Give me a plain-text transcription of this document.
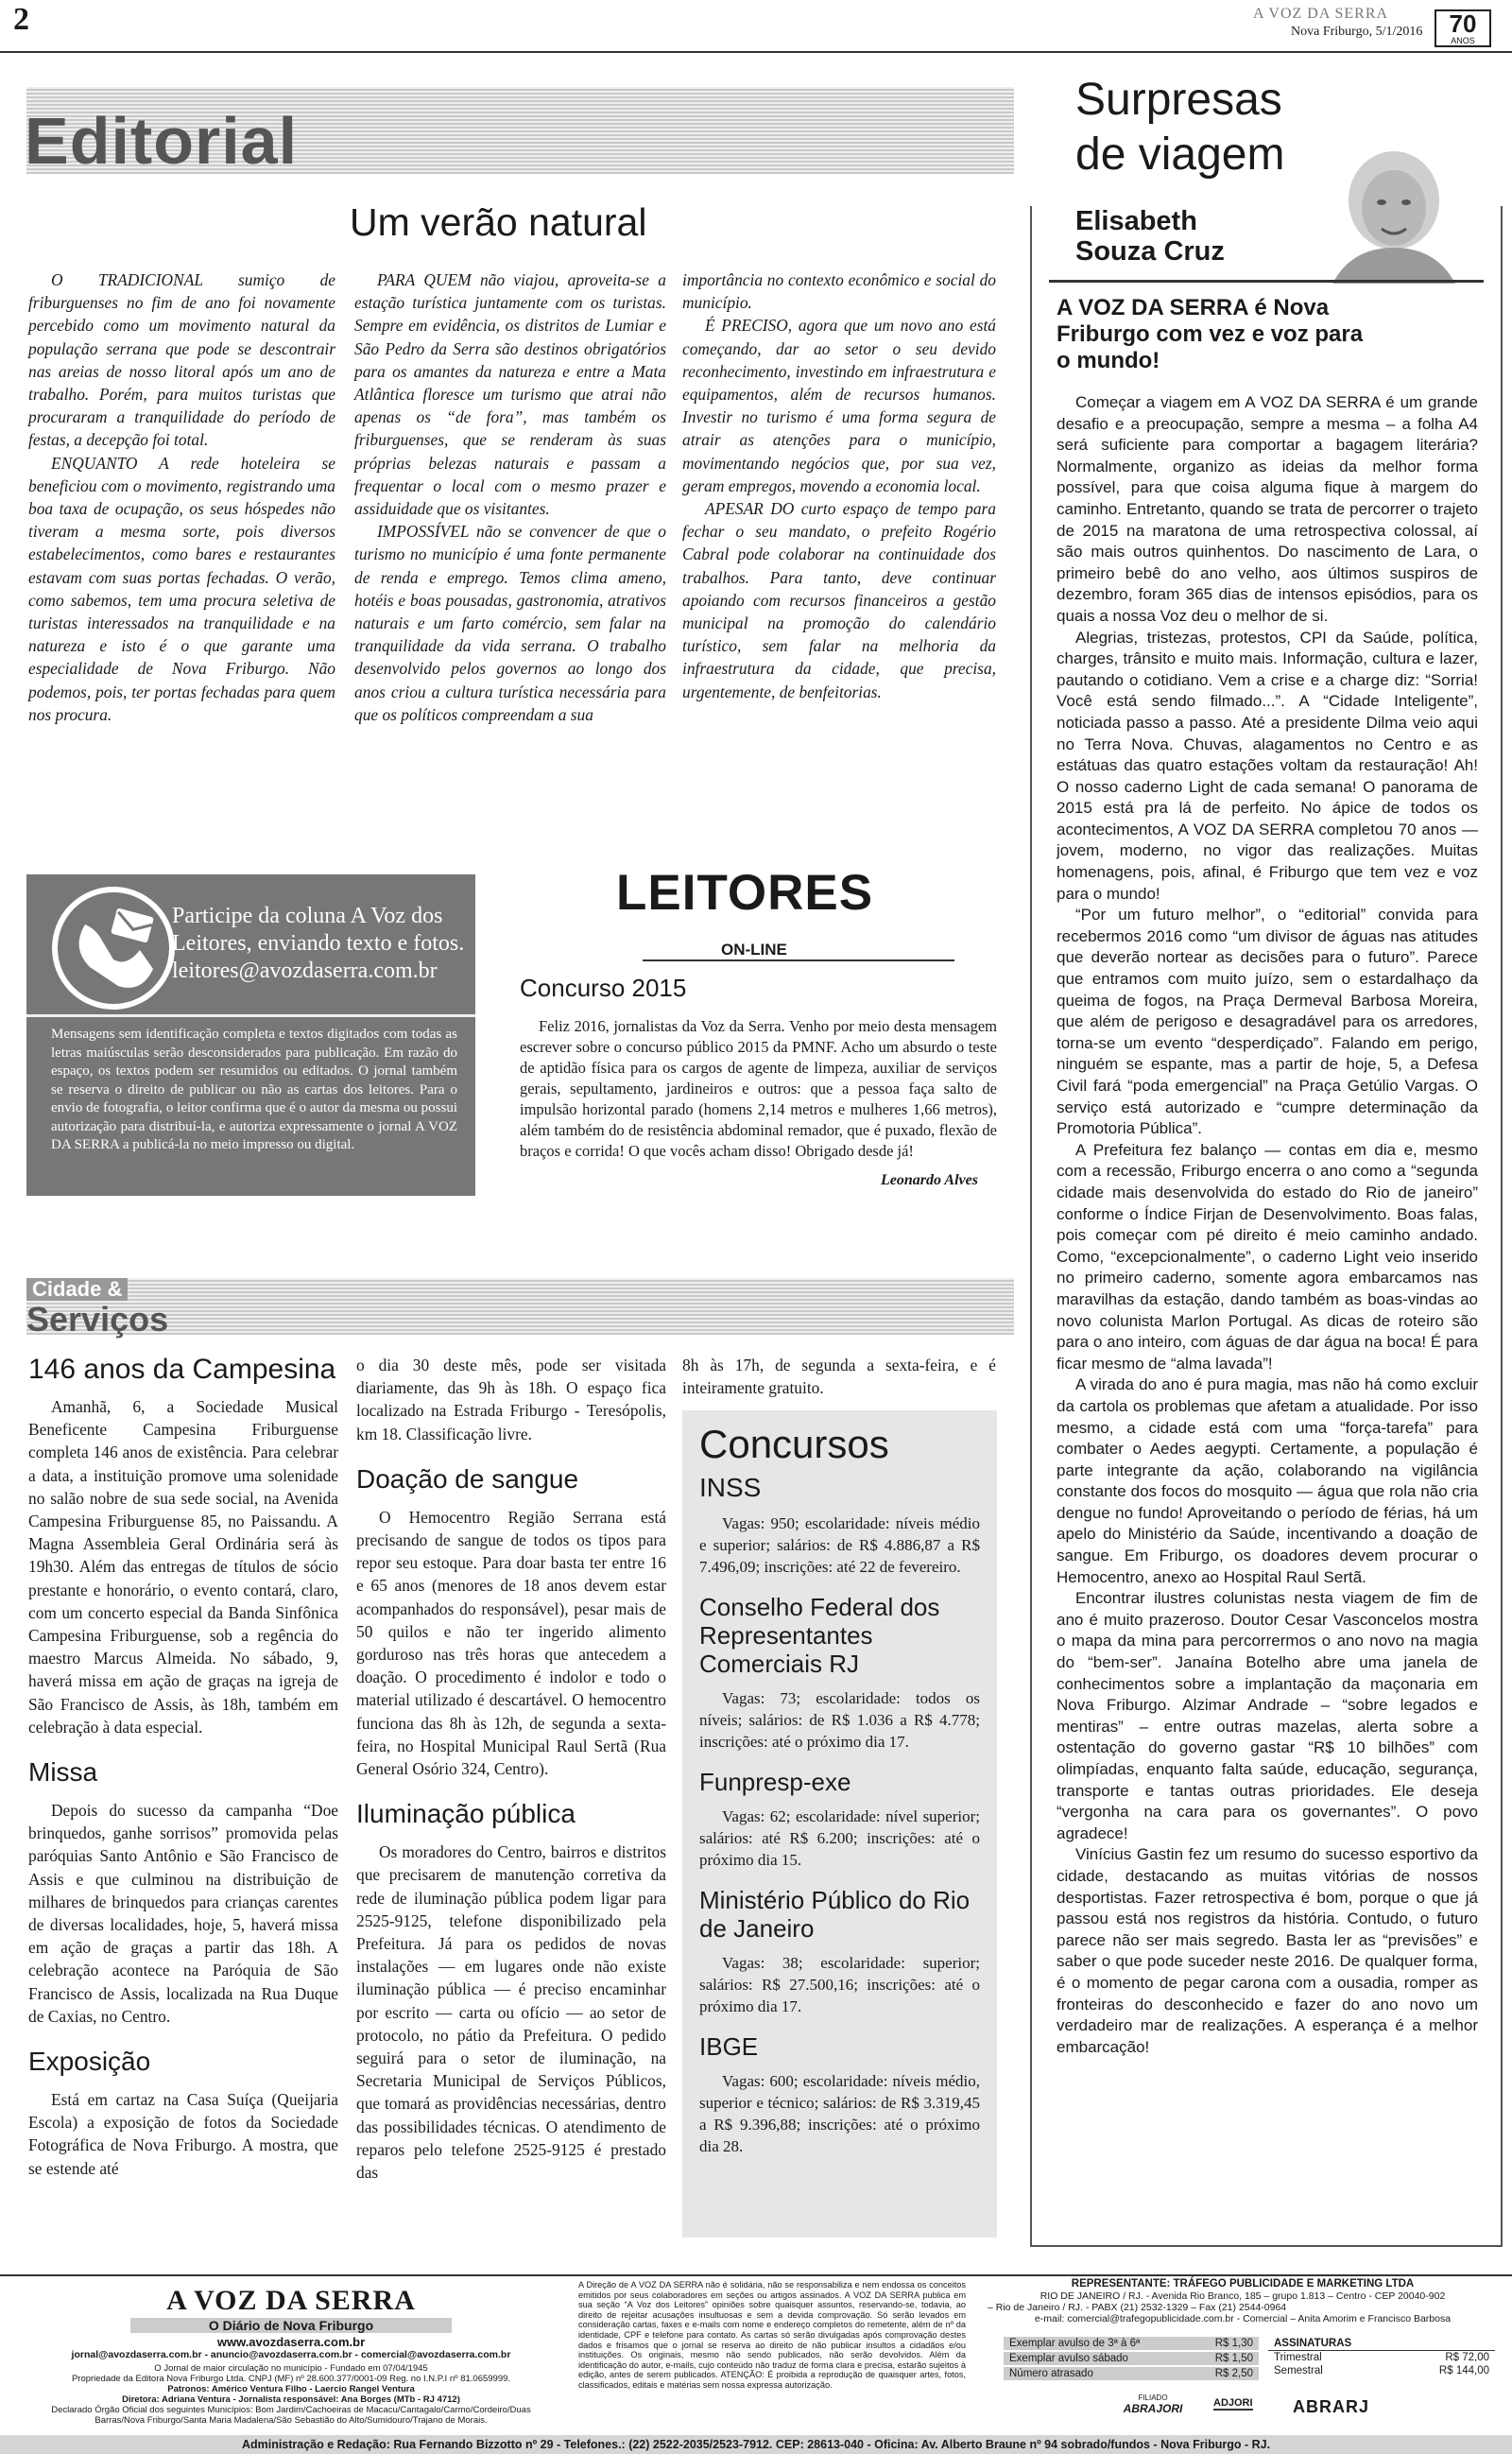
2	A VOZ DA SERRA
Nova Friburgo, 5/1/2016	70
ANOS
Editorial
Um verão natural

O TRADICIONAL sumiço de friburguenses no fim de ano foi novamente percebido como um movimento natural da população serrana que pode se descontrair nas areias de nosso litoral após um ano de trabalho. Porém, para muitos turistas que procuraram a tranquilidade do período de festas, a decepção foi total.

ENQUANTO A rede hoteleira se beneficiou com o movimento, registrando uma boa taxa de ocupação, os seus hóspedes não tiveram a mesma sorte, pois diversos estabelecimentos, como bares e restaurantes estavam com suas portas fechadas. O verão, como sabemos, tem uma procura seletiva de turistas interessados na tranquilidade e na natureza e isto é o que garante uma especialidade de Nova Friburgo. Não podemos, pois, ter portas fechadas para quem nos procura.

PARA QUEM não viajou, aproveita-se a estação turística juntamente com os turistas. Sempre em evidência, os distritos de Lumiar e São Pedro da Serra são destinos obrigatórios para os amantes da natureza e entre a Mata Atlântica floresce um turismo que atrai não apenas os “de fora”, mas também os friburguenses, que se renderam às suas próprias belezas naturais e passam a frequentar o local com o mesmo prazer e assiduidade que os visitantes.

IMPOSSÍVEL não se convencer de que o turismo no município é uma fonte permanente de renda e emprego. Temos clima ameno, hotéis e boas pousadas, gastronomia, atrativos naturais e um farto comércio, sem falar na tranquilidade da vida serrana. O trabalho desenvolvido pelos governos ao longo dos anos criou a cultura turística necessária para que os políticos compreendam a sua

importância no contexto econômico e social do município.

É PRECISO, agora que um novo ano está começando, dar ao setor o seu devido reconhecimento, investindo em infraestrutura e equipamentos, além de recursos humanos. Investir no turismo é uma forma segura de atrair as atenções para o município, movimentando negócios que, por sua vez, geram empregos, movendo a economia local.

APESAR DO curto espaço de tempo para fechar o seu mandato, o prefeito Rogério Cabral pode colaborar na continuidade dos trabalhos. Para tanto, deve continuar apoiando com recursos financeiros a gestão municipal na promoção do calendário turístico, sem falar na melhoria da infraestrutura da cidade, que precisa, urgentemente, de benfeitorias.

Participe da coluna A Voz dos Leitores, enviando texto e fotos. leitores@avozdaserra.com.br
Mensagens sem identificação completa e textos digitados com todas as letras maiúsculas serão desconsiderados para publicação. Em razão do espaço, os textos podem ser resumidos ou editados. O jornal também se reserva o direito de publicar ou não as cartas dos leitores. Para o envio de fotografia, o leitor confirma que é o autor da mesma ou possui autorização para distribuí-la, e autoriza expressamente o jornal A VOZ DA SERRA a publicá-la no meio impresso ou digital.
LEITORES
ON-LINE
Concurso 2015
Feliz 2016, jornalistas da Voz da Serra. Venho por meio desta mensagem escrever sobre o concurso público 2015 da PMNF. Acho um absurdo o teste de aptidão física para os cargos de agente de limpeza, auxiliar de serviços gerais, sepultamento, jardineiros e outros: que a pessoa faça salto de impulsão horizontal parado (homens 2,14 metros e mulheres 1,66 metros), além também do de resistência abdominal remador, que é puxado, flexão de braços e corrida! O que vocês acham disso! Obrigado desde já!
Leonardo Alves
Cidade &
Serviços
146 anos da Campesina

Amanhã, 6, a Sociedade Musical Beneficente Campesina Friburguense completa 146 anos de existência. Para celebrar a data, a instituição promove uma solenidade no salão nobre de sua sede social, na Avenida Campesina Friburguense 85, no Paissandu. A Magna Assembleia Geral Ordinária será às 19h30. Além das entregas de títulos de sócio prestante e honorário, o evento contará, claro, com um concerto especial da Banda Sinfônica Campesina Friburguense, sob a regência do maestro Marcus Almeida. No sábado, 9, haverá missa em ação de graças na igreja de São Francisco de Assis, às 18h, também em celebração à data especial.

Missa

Depois do sucesso da campanha “Doe brinquedos, ganhe sorrisos” promovida pelas paróquias Santo Antônio e São Francisco de Assis e que culminou na distribuição de milhares de brinquedos para crianças carentes de diversas localidades, hoje, 5, haverá missa em ação de graças a partir das 18h. A celebração acontece na Paróquia de São Francisco de Assis, localizada na Rua Duque de Caxias, no Centro.

Exposição

Está em cartaz na Casa Suíça (Queijaria Escola) a exposição de fotos da Sociedade Fotográfica de Nova Friburgo. A mostra, que se estende até

o dia 30 deste mês, pode ser visitada diariamente, das 9h às 18h. O espaço fica localizado na Estrada Friburgo - Teresópolis, km 18. Classificação livre.

Doação de sangue

O Hemocentro Região Serrana está precisando de sangue de todos os tipos para repor seu estoque. Para doar basta ter entre 16 e 65 anos (menores de 18 anos devem estar acompanhados do responsável), pesar mais de 50 quilos e não ter ingerido alimento gorduroso nas três horas que antecedem a doação. O procedimento é indolor e todo o material utilizado é descartável. O hemocentro funciona das 8h às 12h, de segunda a sexta-feira, no Hospital Municipal Raul Sertã (Rua General Osório 324, Centro).

Iluminação pública

Os moradores do Centro, bairros e distritos que precisarem de manutenção corretiva da rede de iluminação pública podem ligar para 2525-9125, telefone disponibilizado pela Prefeitura. Já para os pedidos de novas instalações — em lugares onde não existe iluminação pública — é preciso encaminhar por escrito — carta ou ofício — ao setor de protocolo, no pátio da Prefeitura. O pedido seguirá para o setor de iluminação, na Secretaria Municipal de Serviços Públicos, que tomará as providências necessárias, dentro das possibilidades técnicas. O atendimento de reparos pelo telefone 2525-9125 é prestado das

8h às 17h, de segunda a sexta-feira, e é inteiramente gratuito.

Concursos
INSS
Vagas: 950; escolaridade: níveis médio e superior; salários: de R$ 4.886,87 a R$ 7.496,09; inscrições: até 22 de fevereiro.
Conselho Federal dos Representantes Comerciais RJ
Vagas: 73; escolaridade: todos os níveis; salários: de R$ 1.036 a R$ 4.778; inscrições: até o próximo dia 17.
Funpresp-exe
Vagas: 62; escolaridade: nível superior; salários: até R$ 6.200; inscrições: até o próximo dia 15.
Ministério Público do Rio de Janeiro
Vagas: 38; escolaridade: superior; salários: R$ 27.500,16; inscrições: até o próximo dia 17.
IBGE
Vagas: 600; escolaridade: níveis médio, superior e técnico; salários: de R$ 3.319,45 a R$ 9.396,88; inscrições: até o próximo dia 28.
Surpresas
de viagem
Elisabeth
Souza Cruz
A VOZ DA SERRA é Nova Friburgo com vez e voz para o mundo!

Começar a viagem em A VOZ DA SERRA é um grande desafio e a preocupação, sempre a mesma – a folha A4 será suficiente para comportar a bagagem literária? Normalmente, organizo as ideias da melhor forma possível, para que coisa alguma fique à margem do caminho. Entretanto, quando se trata de percorrer o trajeto de 2015 na maratona de uma retrospectiva colossal, aí são mais outros quinhentos. Do nascimento de Lara, o primeiro bebê do ano velho, aos últimos suspiros de dezembro, foram 365 dias de intensos episódios, para os quais a nossa Voz deu o melhor de si.

Alegrias, tristezas, protestos, CPI da Saúde, política, charges, trânsito e muito mais. Informação, cultura e lazer, pautando o cotidiano. Vem a crise e a charge diz: “Sorria! Você está sendo filmado...”. A “Cidade Inteligente”, noticiada passo a passo. Até a presidente Dilma veio aqui no Terra Nova. Chuvas, alagamentos no Centro e as estátuas das quatro estações voltam da restauração! Ah! O nosso caderno Light de cada semana! O panorama de 2015 está pra lá de perfeito. No ápice de todos os acontecimentos, A VOZ DA SERRA completou 70 anos — jovem, moderno, no vigor das realizações. Muitas homenagens, pois, afinal, é Friburgo que tem vez e voz para o mundo!

“Por um futuro melhor”, o “editorial” convida para recebermos 2016 como “um divisor de águas nas atitudes que deverão nortear as decisões para o futuro”. Parece que entramos com muito juízo, sem o estardalhaço da queima de fogos, na Praça Dermeval Barbosa Moreira, que além de perigoso e desagradável para os arredores, torna-se um evento “desperdiçado”. Falando em perigo, ninguém se espante, mas a partir de hoje, 5, a Defesa Civil fará “poda emergencial” na Praça Getúlio Vargas. O serviço está autorizado e “cumpre determinação da Promotoria Pública”.

A Prefeitura fez balanço — contas em dia e, mesmo com a recessão, Friburgo encerra o ano como a “segunda cidade mais desenvolvida do estado do Rio de janeiro” conforme o Índice Firjan de Desenvolvimento. Boas falas, pois começar com pé direito é meio caminho andado. Como, “excepcionalmente”, o caderno Light veio inserido no primeiro caderno, somente agora embarcamos nas maravilhas da estação, dando também as boas-vindas ao novo colunista Marlon Portugal. As dicas de roteiro são para o ano inteiro, com águas de dar água na boca! É para ficar mesmo de “alma lavada”!

A virada do ano é pura magia, mas não há como excluir da cartola os problemas que afetam a atualidade. Por isso mesmo, a cidade está com uma “força-tarefa” para combater o Aedes aegypti. Certamente, a população é parte integrante da ação, colaborando na vigilância constante dos focos do mosquito — água que rola não cria dengue no fundo! Aproveitando o período de férias, há um apelo do Ministério da Saúde, incentivando a doação de sangue. Em Friburgo, os doadores devem procurar o Hemocentro, anexo ao Hospital Raul Sertã.

Encontrar ilustres colunistas nesta viagem de fim de ano é muito prazeroso. Doutor Cesar Vasconcelos mostra o mapa da mina para percorrermos o ano novo na magia do “bem-ser”. Janaína Botelho abre uma janela de conhecimentos sobre a implantação da maçonaria em Nova Friburgo. Alzimar Andrade – “sobre legados e mentiras” – entre outras mazelas, alerta sobre a ostentação do governo gastar “R$ 10 bilhões” com olimpíadas, enquanto falta saúde, educação, segurança, transporte e tantas outras prioridades. Ele deseja “vergonha na cara para os governantes”. O povo agradece!

Vinícius Gastin fez um resumo do sucesso esportivo da cidade, destacando as muitas vitórias de nossos desportistas. Fazer retrospectiva é bom, porque o que já passou está nos registros da história. Contudo, o futuro parece não ser mais segredo. Basta ler as “previsões” e saber o que pode suceder neste 2016. De qualquer forma, é o momento de pegar carona com a ousadia, romper as fronteiras do desconhecido e fazer do ano novo um verdadeiro mar de realizações. A esperança é a melhor embarcação!

A VOZ DA SERRA
O Diário de Nova Friburgo
www.avozdaserra.com.br
jornal@avozdaserra.com.br - anuncio@avozdaserra.com.br - comercial@avozdaserra.com.br
O Jornal de maior circulação no município - Fundado em 07/04/1945
Propriedade da Editora Nova Friburgo Ltda. CNPJ (MF) nº 28.600.377/0001-09 Reg. no I.N.P.I nº 81.0659999.
Patronos: Américo Ventura Filho - Laercio Rangel Ventura
Diretora: Adriana Ventura - Jornalista responsável: Ana Borges (MTb - RJ 4712)
Declarado Órgão Oficial dos seguintes Municípios: Bom Jardim/Cachoeiras de Macacu/Cantagalo/Carmo/Cordeiro/Duas Barras/Nova Friburgo/Santa Maria Madalena/São Sebastião do Alto/Sumidouro/Trajano de Morais.
A Direção de A VOZ DA SERRA não é solidária, não se responsabiliza e nem endossa os conceitos emitidos por seus colaboradores em seções ou artigos assinados. A VOZ DA SERRA publica em sua seção “A Voz dos Leitores” opiniões sobre quaisquer assuntos, reservando-se, todavia, ao direito de rejeitar acusações insultuosas e sem a devida comprovação. Só serão levados em consideração cartas, faxes e e-mails com nome e endereço completos do remetente, além de nº da identidade, CPF e telefone para contato. As cartas só serão divulgadas após comprovação destes dados e frisamos que o jornal se reserva ao direito de não publicar insultos a cidadãos e/ou instituições. Os originais, mesmo não sendo publicados, não serão devolvidos. Além da identificação do autor, e-mails, cujo conteúdo não traduz de forma clara e precisa, estarão sujeitos à edição, antes de serem publicados. ATENÇÃO: É proibida a reprodução de quaisquer artes, fotos, classificados, editais e matérias sem nossa expressa autorização.
REPRESENTANTE: TRÁFEGO PUBLICIDADE E MARKETING LTDA
RIO DE JANEIRO / RJ. - Avenida Rio Branco, 185 – grupo 1.813 – Centro - CEP 20040-902
– Rio de Janeiro / RJ. - PABX (21) 2532-1329 – Fax (21) 2544-0964
e-mail: comercial@trafegopublicidade.com.br - Comercial – Anita Amorim e Francisco Barbosa
Exemplar avulso de 3ª à 6ª	R$ 1,30
Exemplar avulso sábado	R$ 1,50
Número atrasado	R$ 2,50
ASSINATURAS
Trimestral	R$ 72,00
Semestral	R$ 144,00
FILIADO
ABRAJORI	ADJORI ABRARJ
Administração e Redação: Rua Fernando Bizzotto nº 29 - Telefones.: (22) 2522-2035/2523-7912. CEP: 28613-040 - Oficina: Av. Alberto Braune nº 94 sobrado/fundos - Nova Friburgo - RJ.
